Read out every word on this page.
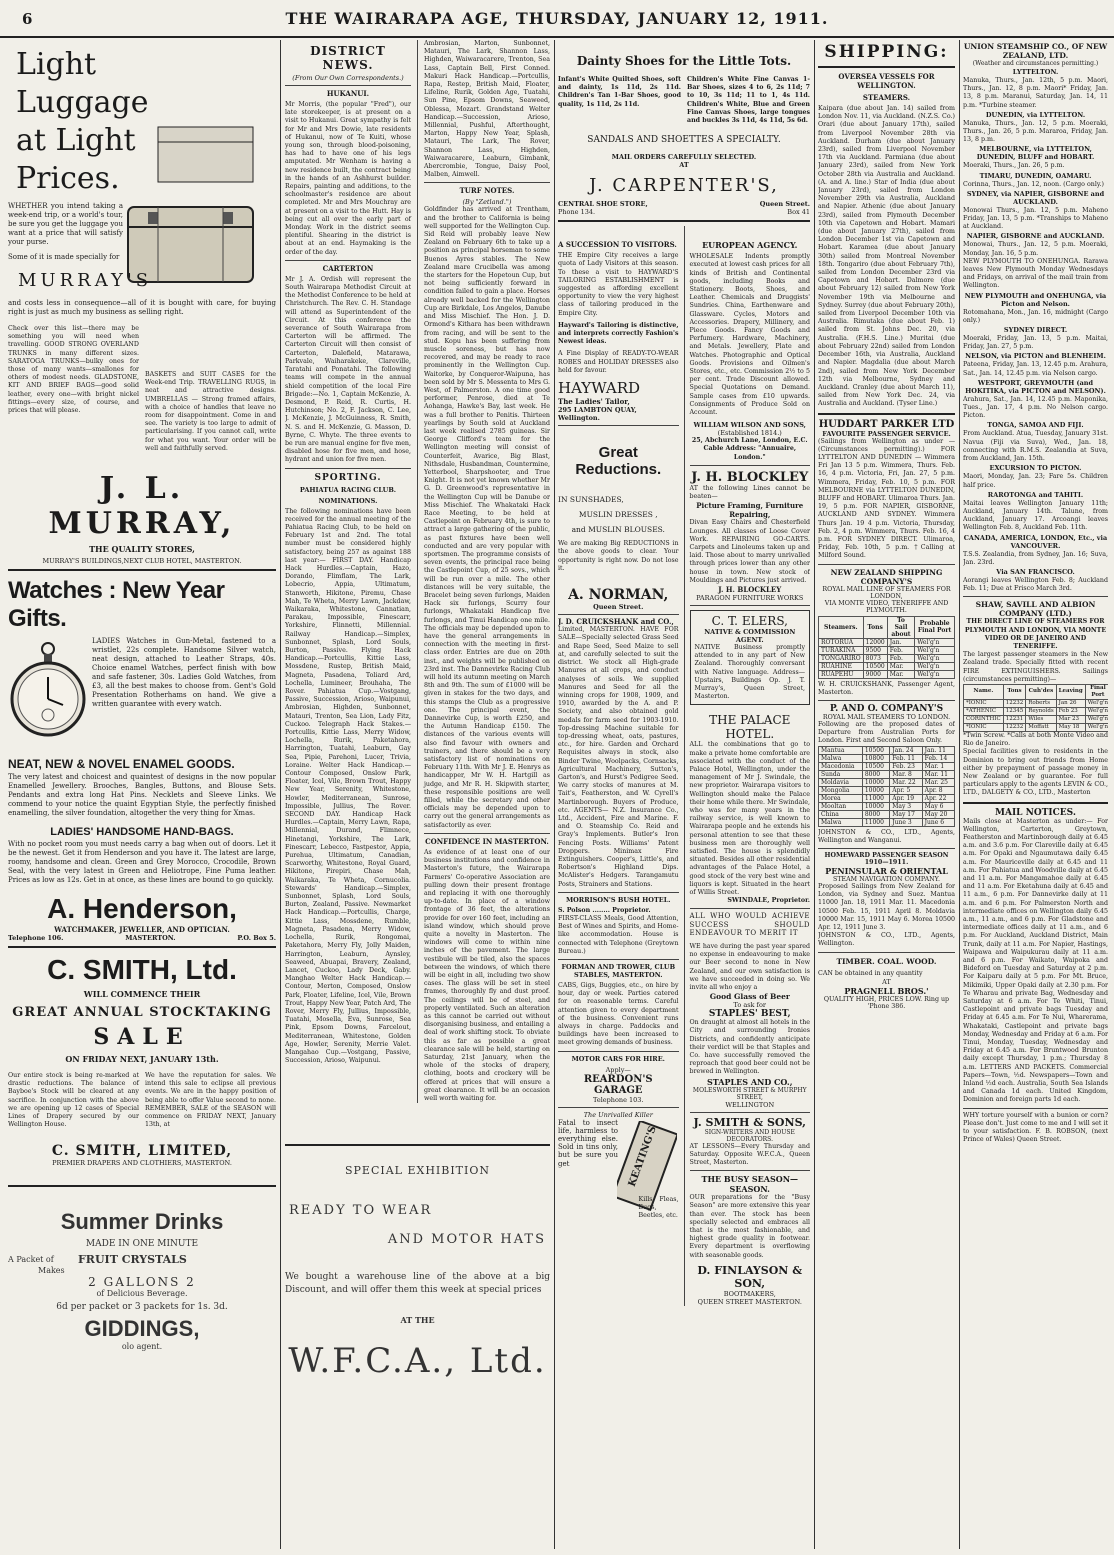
6	THE WAIRARAPA AGE, THURSDAY, JANUARY 12, 1911.
Light Luggage at Light Prices.
WHETHER you intend taking a week-end trip, or a world's tour, be sure you get the luggage you want at a price that will satisfy your purse.
Some of it is made specially for
MURRAY'S
and costs less in consequence—all of it is bought with care, for buying right is just as much my business as selling right.
Check over this list—there may be something you will need when travelling. GOOD STRONG OVERLAND TRUNKS in many different sizes. SARATOGA TRUNKS—bulky ones for those of many wants—smallones for others of modest needs. GLADSTONE, KIT AND BRIEF BAGS—good solid leather, every one—with bright nickel fittings—every size, of course, and prices that will please.
BASKETS and SUIT CASES for the Week-end Trip. TRAVELLING RUGS, in neat and attractive designs. UMBRELLAS — Strong framed affairs, with a choice of handles that leave no room for disappointment. Come in and see. The variety is too large to admit of particularising. If you cannot call, write for what you want. Your order will be well and faithfully served.
J. L. MURRAY,
THE QUALITY STORES,
MURRAY'S BUILDINGS,NEXT CLUB HOTEL, MASTERTON.
Watches : New Year Gifts.
LADIES Watches in Gun-Metal, fastened to a wristlet, 22s complete. Handsome Silver watch, neat design, attached to Leather Straps, 40s. Choice enamel Watches, perfect finish with bow and safe fastener, 30s. Ladies Gold Watches, from £3, all the best makes to choose from. Gent's Gold Presentation Rotherhams on hand. We give a written guarantee with every watch.
NEAT, NEW & NOVEL ENAMEL GOODS.
The very latest and choicest and quaintest of designs in the now popular Enamelled Jewellery. Brooches, Bangles, Buttons, and Blouse Sets. Pendants and extra long Hat Pins. Necklets and Sleeve Links. We commend to your notice the quaint Egyptian Style, the perfectly finished enamelling, the silver foundation, altogether the very thing for Xmas.
LADIES' HANDSOME HAND-BAGS.
With no pocket room you must needs carry a bag when out of doors. Let it be the newest. Get it from Henderson and you have it. The latest are large, roomy, handsome and clean. Green and Grey Morocco, Crocodile, Brown Seal, with the very latest in Green and Heliotrope, Fine Puma leather. Prices as low as 12s. Get in at once, as these lines are bound to go quickly.
A. Henderson,
WATCHMAKER, JEWELLER, AND OPTICIAN.
Telephone 106.	MASTERTON.	P.O. Box 5.
C. SMITH, Ltd.
WILL COMMENCE THEIR
GREAT ANNUAL STOCKTAKING
SALE
ON FRIDAY NEXT, JANUARY 13th.
Our entire stock is being re-marked at drastic reductions. The balance of Bayboe's Stock will be cleared at any sacrifice. In conjunction with the above we are opening up 12 cases of Special Lines of Drapery secured by our Wellington House.
We have the reputation for sales. We intend this sale to eclipse all previous events. We are in the happy position of being able to offer Value second to none. REMEMBER, SALE of the SEASON will commence on FRIDAY NEXT, January 13th, at
C. SMITH, LIMITED,
PREMIER DRAPERS AND CLOTHIERS, MASTERTON.
Summer Drinks
MADE IN ONE MINUTE
A Packet of	FRUIT CRYSTALS
Makes
2 GALLONS 2
of Delicious Beverage.
6d per packet or 3 packets for 1s. 3d.
GIDDINGS,
olo agent.
DISTRICT NEWS.
(From Our Own Correspondents.)
HUKANUI.
Mr Morris, (the popular "Fred"), our late storekeeper, is at present on a visit to Hukanui. Great sympathy is felt for Mr and Mrs Dowie, late residents of Hukanui, now of Te Kuiti, whose young son, through blood-poisoning, has had to have one of his legs amputated. Mr Wenham is having a new residence built, the contract being in the hands of an Ashhurst builder. Repairs, painting and additions, to the schoolmaster's residence are about completed. Mr and Mrs Mouchray are at present on a visit to the Hutt. Hay is being cut all over the early part of Monday. Work in the district seems plentiful. Shearing in the district is about at an end. Haymaking is the order of the day.
CARTERTON
Mr J. A. Ordish will represent the South Wairarapa Methodist Circuit at the Methodist Conference to be held at Christchurch. The Rev. C. H. Standage will attend as Superintendent of the Circuit. At this conference the severance of South Wairarapa from Carterton will be affirmed. The Carterton Circuit will then consist of Carterton, Dalefield, Matarawa, Parkvale, Waiharakeke, Clareville, Taratahi and Ponatahi. The following teams will compete in the annual shield competition of the local Fire Brigade:—No. 1, Captain McKenzie, A. Desmond, P. Reid, R. Curtis, H. Hutchinson; No. 2, F. Jackson, C. Lee, J. McKenzie, J. McGuinness, R. Smith, N. S. and H. McKenzie, G. Masson, D. Byrne, C. Whyte. The three events to be run are manual engine for five men, disabled hose for five men, and hose, hydrant and union for five men.
SPORTING.
PAHIATUA RACING CLUB.
NOMINATIONS.
The following nominations have been received for the annual meeting of the Pahiatua Racing Club, to be held on February 1st and 2nd. The total number must be considered highly satisfactory, being 257 as against 188 last year:— FIRST DAY. Handicap Hack Hurdles.—Captain, Hazo, Dorando, Flimflam, The Lark, Lobecrio, Appia, Ultimatum, Stanworth, Hikitone, Piremu, Chase Mah, Te Wheta, Merry Lawn, Jackdaw, Waikaraka, Whitestone, Cannatian, Parakau, Impossible, Finescarr, Yorkshire, Flinnetti, Millennial. Railway Handicap.—Simplex, Sunbonnet, Splash, Lord Souls, Burton, Passive. Flying Hack Handicap.—Portcullis, Kittie Lass, Mossdene, Rustep, British Maid, Magneta, Pasadena, Toliard Ard, Lochella, Lumineer, Brouhaha, The Rover. Pahiatua Cup.—Vostgang, Passive, Succession, Arioso, Waipunui, Ambrosian, Highden, Sunbonnet, Matauri, Trenton, Sea Lion, Lady Fitz, Cuckoo. Telegraph Hack Stakes.—Portcullis, Kittie Lass, Merry Widow, Lochella, Rurik, Paketahora, Harrington, Tuatahi, Leaburn, Gay Sea, Pipie, Parehoni, Lucer, Trivia, Loraine. Welter Hack Handicap.—Contour Composed, Onslow Park, Floater, Icel, Vile, Brown Trout, Happy New Year, Serenity, Whitestone, Howler, Mediterranean, Sunrose, Impossible, Jullius, The Rover. SECOND DAY. Handicap Hack Hurdles.—Captain, Merry Lawn, Rapa, Millennial, Durand, Flimnece, Hinetangi, Yorkshire, The Lark, Finescarr, Lebecco, Fastpestor, Appia, Purehua, Ultimatum, Canadian, Scarworthy, Whitestone, Royal Guard, Hikitone, Pirepiri, Chase Mah, Waikaraka, Te Wheta, Cornucolia. Stewards' Handicap.—Simplex, Sunbonnet, Splash, Lord Souls, Burton, Zealand, Passive. Newmarket Hack Handicap.—Portcullis, Charge, Kittie Lass, Mossdene, Rumble, Magneta, Pasadena, Merry Widow, Lochella, Rurik, Rongomai, Paketahora, Merry Fly, Jolly Maiden, Harrington, Leaburn, Aynsley, Seaweed, Abuapai, Bravery, Zealand, Lancet, Cuckoo, Lady Deck, Gaby. Manghao Welter Hack Handicap.—Contour, Merton, Composed, Onslow Park, Floater, Lifeline, Icel, Vile, Brown Trout, Happy New Year, Patch Ard, The Rover, Merry Fly, Jullius, Impossible, Tuatahi, Mosella, Eva, Sunrose, Sea Pink, Epsom Downs, Farcelout, Mediterranean, Whitestone, Golden Age, Howler, Serenity, Merrie Valet. Mangahao Cup.—Vostgang, Passive, Succession, Arioso, Waipunui.
Ambrosian, Marton, Sunbonnet, Matauri, The Lark, Shannon Lass, Highden, Waiwaracarere, Trenton, Sea Lass, Captain Bell, First Conned. Makuri Hack Handicap.—Portcullis, Rapa, Restep, British Maid, Floater, Lifeline, Rurik, Golden Age, Tuatahi, Sun Pine, Epsom Downs, Seaweed, Oblessa, Mozart. Grandstand Welter Handicap.—Succession, Arioso, Millennial, Pushful, Afterthought, Marton, Happy New Year, Splash, Matauri, The Lark, The Rover, Shannon Lass, Highden, Waiwaracarere, Leaburn, Gimbank, Abercrombie, Tongue, Daisy Pool, Malben, Aimwell.
TURF NOTES.
(By "Zetland.")
Goldfinder has arrived at Trentham, and the brother to California is being well supported for the Wellington Cup. Sid Reid will probably leave New Zealand on February 6th to take up a position as principal horseman to some Buenos Ayres stables. The New Zealand mare Crucibella was among the starters for the Hopetoun Cup, but not being sufficiently forward in condition failed to gain a place. Horses already well backed for the Wellington Cup are Birkdale, Los Angelos, Danube and Miss Mischief. The Hon. J. D. Ormond's Kithara has been withdrawn from racing, and will be sent to the stud. Kopu has been suffering from muscle soreness, but has now recovered, and may be ready to race prominently in the Wellington Cup. Waitorke, by Conqueror-Waipuna, has been sold by Mr S. Messenta to Mrs G. West, of Palmerston. A one time good performer, Penrose, died at Te Aohanga, Hawke's Bay, last week. He was a full brother to Penitis. Thirteen yearlings by South sold at Auckland last week realised 2785 guineas. Sir George Clifford's team for the Wellington meeting will consist of Counterfeit, Avarice, Big Blast, Nithsdale, Husbandman, Countermine, Yetterbool, Sharpshooter, and True Knight. It is not yet known whether Mr G. D. Greenwood's representative in the Wellington Cup will be Danube or Miss Mischief. The Whakataki Hack Race Meeting, to be held at Castlepoint on February 4th, is sure to attract a large gathering of the public, as past fixtures have been well conducted and are very popular with sportsmen. The programme consists of seven events, the principal race being the Castlepoint Cup, of 25 sovs., which will be run over a mile. The other distances will be very suitable, the Bracelet being seven furlongs, Maiden Hack six furlongs, Scurry four furlongs, Whakataki Handicap five furlongs, and Tinui Handicap one mile. The officials may be depended upon to have the general arrangements in connection with the meeting in first-class order. Entries are due on 20th inst., and weights will be published on 23rd inst. The Dannevirke Racing Club will hold its autumn meeting on March 8th and 9th. The sum of £1000 will be given in stakes for the two days, and this stamps the Club as a progressive one. The principal event, the Dannevirke Cup, is worth £250, and the Autumn Handicap £150. The distances of the various events will also find favour with owners and trainers, and there should be a very satisfactory list of nominations on February 11th. With Mr J. E. Henrys as handicapper, Mr W. H. Hartgill as judge, and Mr R. H. Skipwith starter, these responsible positions are well filled, while the secretary and other officials may be depended upon to carry out the general arrangements as satisfactorily as ever.
CONFIDENCE IN MASTERTON.
As evidence of at least one of our business institutions and confidence in Masterton's future, the Wairarapa Farmers' Co-operative Association are pulling down their present frontage and replacing it with one thoroughly up-to-date. In place of a window frontage of 36 feet, the alterations provide for over 160 feet, including an island window, which should prove quite a novelty in Masterton. The windows will come to within nine inches of the pavement. The large vestibule will be tiled, also the spaces between the windows, of which there will be eight in all, including two show cases. The glass will be set in steel frames, thoroughly fly and dust proof. The ceilings will be of steel, and properly ventilated. Such an alteration as this cannot be carried out without disorganising business, and entailing a deal of work shifting stock. To obviate this as far as possible a great clearance sale will be held, starting on Saturday, 21st January, when the whole of the stocks of drapery, clothing, boots and crockery will be offered at prices that will ensure a great clearance. It will be an occasion well worth waiting for.
SPECIAL EXHIBITION
READY TO WEAR
AND MOTOR HATS
We bought a warehouse line of the above at a big Discount, and will offer them this week at special prices
AT THE
W.F.C.A., Ltd.
Dainty Shoes for the Little Tots.
Infant's White Quilted Shoes, soft and dainty, 1s 11d, 2s 11d. Children's Tan 1-Bar Shoes, good quality, 1s 11d, 2s 11d.
Children's White Fine Canvas 1-Bar Shoes, sizes 4 to 6, 2s 11d; 7 to 10, 3s 11d; 11 to 1, 4s 11d. Children's White, Blue and Green Fine Canvas Shoes, large tongues and buckles 3s 11d, 4s 11d, 5s 6d.
SANDALS AND SHOETTES A SPECIALTY.
MAIL ORDERS CAREFULLY SELECTED.
AT
J. CARPENTER'S,
CENTRAL SHOE STORE,	Queen Street.
Phone 134.	Box 41
A SUCCESSION TO VISITORS.
THE Empire City receives a large quota of Lady Visitors at this season. To these a visit to HAYWARD'S TAILORING ESTABLISHMENT is suggested as affording excellent opportunity to view the very highest class of tailoring produced in the Empire City.
Hayward's Tailoring is distinctive, and interprets correctly Fashion's Newest ideas.
A Fine Display of READY-TO-WEAR ROBES and HOLIDAY DRESSES also held for favour.
HAYWARD
The Ladies' Tailor,
295 LAMBTON QUAY, Wellington.
Great Reductions.
IN SUNSHADES,
MUSLIN DRESSES ,
and MUSLIN BLOUSES.
We are making Big REDUCTIONS in the above goods to clear. Your opportunity is right now. Do not lose it.
A. NORMAN,
Queen Street.
J. D. CRUICKSHANK and CO.,
Limited, MASTERTON. HAVE FOR SALE—Specially selected Grass Seed and Rape Seed, Seed Maize to sell at, and carefully selected to suit the district. We stock all High-grade Manures at all crops, and conduct analyses of soils. We supplied Manures and Seed for all the winning crops for 1908, 1909, and 1910, awarded by the A. and P. Society, and also obtained gold medals for farm seed for 1903-1910. Top-dressing Machine suitable for top-dressing wheat, oats, pastures, etc., for hire. Garden and Orchard Requisites always in stock, also Binder Twine, Woolpacks, Cornsacks, Agricultural Machinery, Sutton's, Garton's, and Hurst's Pedigree Seed. We carry stocks of manures at M. Tait's, Featherston, and W. Cyrell's Martinborough. Buyers of Produce, etc. AGENTS— N.Z. Insurance Co., Ltd., Accident, Fire and Marine. F. and O. Steamship Co. Reid and Gray's Implements. Butler's Iron Fencing Posts. Williams' Patent Droppers. Minimax Fire Extinguishers. Cooper's, Little's, and Robertson's Highland Dips. McAlister's Hedgers. Tarangamutu Posts, Strainers and Stations.
MORRISON'S BUSH HOTEL.
S. Polson ........ Proprietor.
FIRST-CLASS Meals, Good Attention, Best of Wines and Spirits, and Home-like accommodation. House is connected with Telephone (Greytown Bureau.)
FORMAN AND TROWER, CLUB STABLES, MASTERTON.
CABS, Gigs, Buggies, etc., on hire by hour, day or week. Parties catered for on reasonable terms. Careful attention given to every department of the business. Convenient runs always in charge. Paddocks and buildings have been increased to meet growing demands of business.
MOTOR CARS FOR HIRE.
Apply—
REARDON'S GARAGE
Telephone 103.
The Unrivalled Killer
Fatal to insect life, harmless to everything else. Sold in tins only, but be sure you get	KEATING'S
Kills Fleas, Bugs, Beetles, etc.
EUROPEAN AGENCY.
WHOLESALE Indents promptly executed at lowest cash prices for all kinds of British and Continental goods, including Books and Stationery. Boots, Shoes, and Leather. Chemicals and Druggists' Sundries. China, Earthenware and Glassware. Cycles, Motors and Accessories. Drapery, Millinery, and Piece Goods. Fancy Goods and Perfumery. Hardware, Machinery, and Metals. Jewellery, Plate and Watches. Photographic and Optical Goods. Provisions and Oilmen's Stores, etc., etc. Commission 2½ to 5 per cent. Trade Discount allowed. Special Quotations on Demand. Sample cases from £10 upwards. Consignments of Produce Sold on Account.
WILLIAM WILSON AND SONS,
(Established 1814.)
25, Abchurch Lane, London, E.C. Cable Address: "Annuaire, London."
J. H. BLOCKLEY
AT the following Lines cannot be beaten—
Picture Framing, Furniture Repairing,
Divan Easy Chairs and Chesterfield Lounges. All classes of Loose Cover Work. REPAIRING GO-CARTS. Carpets and Linoleums taken up and laid. Those about to marry unrivalled through prices lower than any other house in town. New stock of Mouldings and Pictures just arrived.
J. H. BLOCKLEY
PARAGON FURNITURE WORKS
C. T. ELERS,
NATIVE & COMMISSION AGENT.
NATIVE Business promptly attended to in any part of New Zealand. Thoroughly conversant with Native language. Address—Upstairs, Buildings Op. J. T. Murray's, Queen Street, Masterton.
THE PALACE HOTEL.
ALL the combinations that go to make a private home comfortable are associated with the conduct of the Palace Hotel, Wellington, under the management of Mr J. Swindale, the new proprietor. Wairarapa visitors to Wellington should make the Palace their home while there. Mr Swindale, who was for many years in the railway service, is well known to Wairarapa people and he extends his personal attention to see that these business men are thoroughly well satisfied. The house is splendidly situated. Besides all other residential advantages of the Palace Hotel, a good stock of the very best wine and liquors is kept. Situated in the heart of Willis Street.
SWINDALE, Proprietor.
ALL WHO WOULD ACHIEVE SUCCESS SHOULD ENDEAVOUR TO MERIT IT
WE have during the past year spared no expense in endeavouring to make our Beer second to none in New Zealand, and our own satisfaction is we have succeeded in doing so. We invite all who enjoy a
Good Glass of Beer
To ask for
STAPLES' BEST,
On draught at almost all hotels in the City and surrounding Ironies Districts, and confidently anticipate their verdict will be that Staples and Co. have successfully removed the reproach that good beer could not be brewed in Wellington.
STAPLES AND CO.,
MOLESWORTH STREET & MURPHY STREET,
WELLINGTON
J. SMITH & SONS,
SIGN-WRITERS AND HOUSE DECORATORS.
AT LESSONS—Every Thursday and Saturday. Opposite W.F.C.A., Queen Street, Masterton.
THE BUSY SEASON—SEASON.
OUR preparations for the "Busy Season" are more extensive this year than ever. The stock has been specially selected and embraces all that is the most fashionable, and highest grade quality in footwear. Every department is overflowing with seasonable goods.
D. FINLAYSON & SON,
BOOTMAKERS,
QUEEN STREET MASTERTON.
SHIPPING:
OVERSEA VESSELS FOR WELLINGTON.
STEAMERS.
Kaipara (due about Jan. 14) sailed from London Nov. 11, via Auckland. (N.Z.S. Co.) Orari (due about January 17th), sailed from Liverpool November 28th via Auckland. Durham (due about January 23rd), sailed from Liverpool November 17th via Auckland. Parmiana (due about January 23rd), sailed from New York October 28th via Australia and Auckland. (A. and A. line.) Star of India (due about January 23rd), sailed from London November 29th via Australia, Auckland and Napier. Athenic (due about January 23rd), sailed from Plymouth December 10th via Capetown and Hobart. Mamari (due about January 27th), sailed from London December 1st via Capetown and Hobart. Karamea (due about January 30th) sailed from Montreal November 18th. Tongariro (due about February 7th), sailed from London December 23rd via Capetown and Hobart. Dalmore (due about February 12) sailed from New York November 19th via Melbourne and Sydney. Surrey (due about February 20th), sailed from Liverpool December 10th via Australia. Rimutaka (due about Feb. 1) sailed from St. Johns Dec. 20, via Australia. (F.H.S. Line.) Muritai (due about February 22nd) sailed from London December 16th, via Australia, Auckland and Napier. Magdalia (due about March 2nd), sailed from New York December 12th via Melbourne, Sydney and Auckland. Cranley (due about March 11), sailed from New York Dec. 24, via Australia and Auckland. (Tyser Line.)
HUDDART PARKER LTD
FAVOURITE PASSENGER SERVICE.
(Sailings from Wellington as under — (Circumstances permitting).) FOR LYTTELTON AND DUNEDIN — Wimmera Fri Jan 13 5 p.m. Wimmera, Thurs. Feb. 16, 4 p.m. Victoria, Fri, Jan. 27, 5 p.m. Wimmera, Friday, Feb. 10, 5 p.m. FOR MELBOURNE via LYTTELTON DUNEDIN, BLUFF and HOBART. Ulimaroa Thurs. Jan. 19, 5 p.m. FOR NAPIER, GISBORNE, AUCKLAND AND SYDNEY. Wimmera Thurs Jan. 19 4 p.m. Victoria, Thursday, Feb. 2, 4 p.m. Wimmera, Thurs. Feb. 16, 4 p.m. FOR SYDNEY DIRECT. Ulimaroa, Friday, Feb. 10th, 5 p.m. †Calling at Milford Sound.
NEW ZEALAND SHIPPING COMPANY'S
ROYAL MAIL LINE OF STEAMERS FOR LONDON,
VIA MONTE VIDEO, TENERIFFE AND PLYMOUTH.
Steamers.	Tons	To Sail about	Probable Final Port
ROTORUA	12000	Jan.	Wel'g'n
TURAKINA	9500	Feb.	Wel'g'n
TONGARIRO	8073	Feb.	Wel'g'n
RUAHINE	10500	Mar.	Wel'g'n
RUAPEHU	9000	Mar.	Wel'g'n
W. H. CRUICKSHANK, Passenger Agent, Masterton.
P. AND O. COMPANY'S
ROYAL MAIL STEAMERS TO LONDON.
Following are the proposed dates of Departure from Australian Ports for London. First and Second Saloon Only.
Mantua	10500	Jan. 24	Jan. 11
Malwa	10800	Feb. 11	Feb. 14
Macedonia	10500	Feb. 23	Mar. 1
Sunda	8000	Mar. 8	Mar. 11
Moldavia	10000	Mar. 22	Mar. 25
Mongolia	10000	Apr. 5	Apr. 8
Morea	11000	Apr. 19	Apr. 22
Mooltan	10000	May 3	May 6
China	8000	May 17	May 20
Malwa	11000	June 3	June 6
JOHNSTON & CO., LTD., Agents, Wellington and Wanganui.
HOMEWARD PASSENGER SEASON 1910—1911.
PENINSULAR & ORIENTAL
STEAM NAVIGATION COMPANY.
Proposed Sailings from New Zealand for London, via Sydney and Suez. Mantua 11000 Jan. 18, 1911 Mar. 11. Macedonia 10500 Feb. 15, 1911 April 8. Moldavia 10000 Mar. 15, 1911 May 6. Morea 10500 Apr. 12, 1911 June 3.
JOHNSTON & CO., LTD., Agents, Wellington.
TIMBER. COAL. WOOD.
CAN be obtained in any quantity
AT
PRAGNELL BROS.'
QUALITY HIGH, PRICES LOW. Ring up 'Phone 386.
UNION STEAMSHIP CO., OF NEW ZEALAND, LTD.
(Weather and circumstances permitting.)
LYTTELTON.
Manuka, Thurs., Jan. 12th, 5 p.m. Maori, Thurs., Jan. 12, 8 p.m. Maori* Friday, Jan. 13, 8 p.m. Maranui, Saturday, Jan. 14, 11 p.m. *Turbine steamer.
DUNEDIN, via LYTTELTON.
Manuka, Thurs., Jan. 12, 5 p.m. Moeraki, Thurs., Jan. 26, 5 p.m. Mararoa, Friday, Jan. 13, 8 p.m.
MELBOURNE, via LYTTELTON, DUNEDIN, BLUFF and HOBART.
Moeraki, Thurs., Jan. 26, 5 p.m.
TIMARU, DUNEDIN, OAMARU.
Corinna, Thurs., Jan. 12, noon. (Cargo only.)
SYDNEY, via NAPIER, GISBORNE and AUCKLAND.
Monowai Thurs., Jan. 12, 5 p.m. Maheno Friday, Jan. 13, 5 p.m. *Tranships to Maheno at Auckland.
NAPIER, GISBORNE and AUCKLAND.
Monowai, Thurs., Jan. 12, 5 p.m. Moeraki, Monday, Jan. 16, 5 p.m.
NEW PLYMOUTH TO ONEHUNGA. Rarawa leaves New Plymouth Monday Wednesdays and Fridays, on arrival of the mail train from Wellington.
NEW PLYMOUTH and ONEHUNGA, via Picton and Nelson.
Rotomahana, Mon., Jan. 16, midnight (Cargo only.)
SYDNEY DIRECT.
Moeraki, Friday, Jan. 13, 5 p.m. Maitai, Friday, Jan. 27, 5 p.m.
NELSON, via PICTON and BLENHEIM.
Pateena, Friday, Jan. 13, 12.45 p.m. Arahura, Sat., Jan. 14, 12.45 p.m. via Nelson cargo.
WESTPORT, GREYMOUTH (and HOKITIKA, via PICTON and NELSON).
Arahura, Sat., Jan. 14, 12.45 p.m. Maponika, Tues., Jan. 17, 4 p.m. No Nelson cargo. Picton.
TONGA, SAMOA AND FIJI.
From Auckland. Atua, Tuesday, January 31st. Navua (Fiji via Suva), Wed., Jan. 18, connecting with R.M.S. Zealandia at Suva, from Auckland, Jan. 15th.
EXCURSION TO PICTON.
Maori, Monday, Jan. 23; Fare 5s. Children half price.
RAROTONGA and TAHITI.
Maitai leaves Wellington January 11th; Auckland, January 14th. Talune, from Auckland, January 17. Arcoangi leaves Wellington Feb. 8, Auckland Feb. 11th.
CANADA, AMERICA, LONDON, Etc., via VANCOUVER.
T.S.S. Zealandia, from Sydney, Jan. 16; Suva, Jan. 23rd.
Via SAN FRANCISCO.
Aorangi leaves Wellington Feb. 8; Auckland Feb. 11; Due at Frisco March 3rd.
SHAW, SAVILL AND ALBION COMPANY (LTD.)
THE DIRECT LINE OF STEAMERS FOR PLYMOUTH AND LONDON, VIA MONTE VIDEO OR DE JANEIRO AND TENERIFFE.
The largest passenger steamers in the New Zealand trade. Specially fitted with recent FIRE EXTINGUISHERS. Sailings (circumstances permitting)—
Name.	Tons	Cuh'des	Leaving	Final Port
*IONIC	12232	Roberts	Jan 26	Wel'g'n
*ATHENIC	12345	Reynolds	Feb 23	Wel'g'n
CORINTHIC	12231	Wiles	Mar 23	Wel'g'n
*IONIC	12232	Moffatt	May 18	Wel'g'n
*Twin Screw. *Calls at both Monte Video and Rio de Janeiro.
Special facilities given to residents in the Dominion to bring out friends from Home either by prepayment of passage money in New Zealand or by guarantee. For full particulars apply to the agents LEVIN & CO., LTD., DALGETY & CO., LTD., Masterton
MAIL NOTICES.
Mails close at Masterton as under:— For Wellington, Carterton, Greytown, Featherston and Martinborough daily at 6.45 a.m. and 3.6 p.m. For Clareville daily at 6.45 a.m. For Opaki and Ngaumutawa daily 6.45 a.m. For Mauriceville daily at 6.45 and 11 a.m. For Pahiatua and Woodville daily at 6.45 and 11 a.m. For Mangamahoe daily at 6.45 and 11 a.m. For Eketahuna daily at 6.45 and 11 a.m., 6 p.m. For Dannevirke daily at 11 a.m. and 6 p.m. For Palmerston North and intermediate offices on Wellington daily 6.45 a.m., 11 a.m., and 6 p.m. For Gladstone and intermediate offices daily at 11 a.m., and 6 p.m. For Auckland, Auckland District, Main Trunk, daily at 11 a.m. For Napier, Hastings, Waipawa and Waipukurau daily at 11 a.m. and 6 p.m. For Waikato, Waipoka and Bideford on Tuesday and Saturday at 2 p.m. For Kaiparu daily at 5 p.m. For Mt. Bruce, Mikimiki, Upper Opaki daily at 2.30 p.m. For Te Wharau and private Bag, Wednesday and Saturday at 6 a.m. For Te Whiti, Tinui, Castlepoint and private bags Tuesday and Friday at 6.45 a.m. For Te Nui, Wharerama, Whakataki, Castlepoint and private bags Monday, Wednesday and Friday at 6 a.m. For Tinui, Monday, Tuesday, Wednesday and Friday at 6.45 a.m. For Bruntwood Brunton daily except Thursday, 1 p.m.; Thursday 8 a.m. LETTERS AND PACKETS. Commercial Papers—Town, ½d. Newspapers—Town and Inland ½d each. Australia, South Sea Islands and Canada 1d each. United Kingdom, Dominion and foreign parts 1d each.
WHY torture yourself with a bunion or corn? Please don't. Just come to me and I will set it to your satisfaction. F. B. ROBSON, (next Prince of Wales) Queen Street.
